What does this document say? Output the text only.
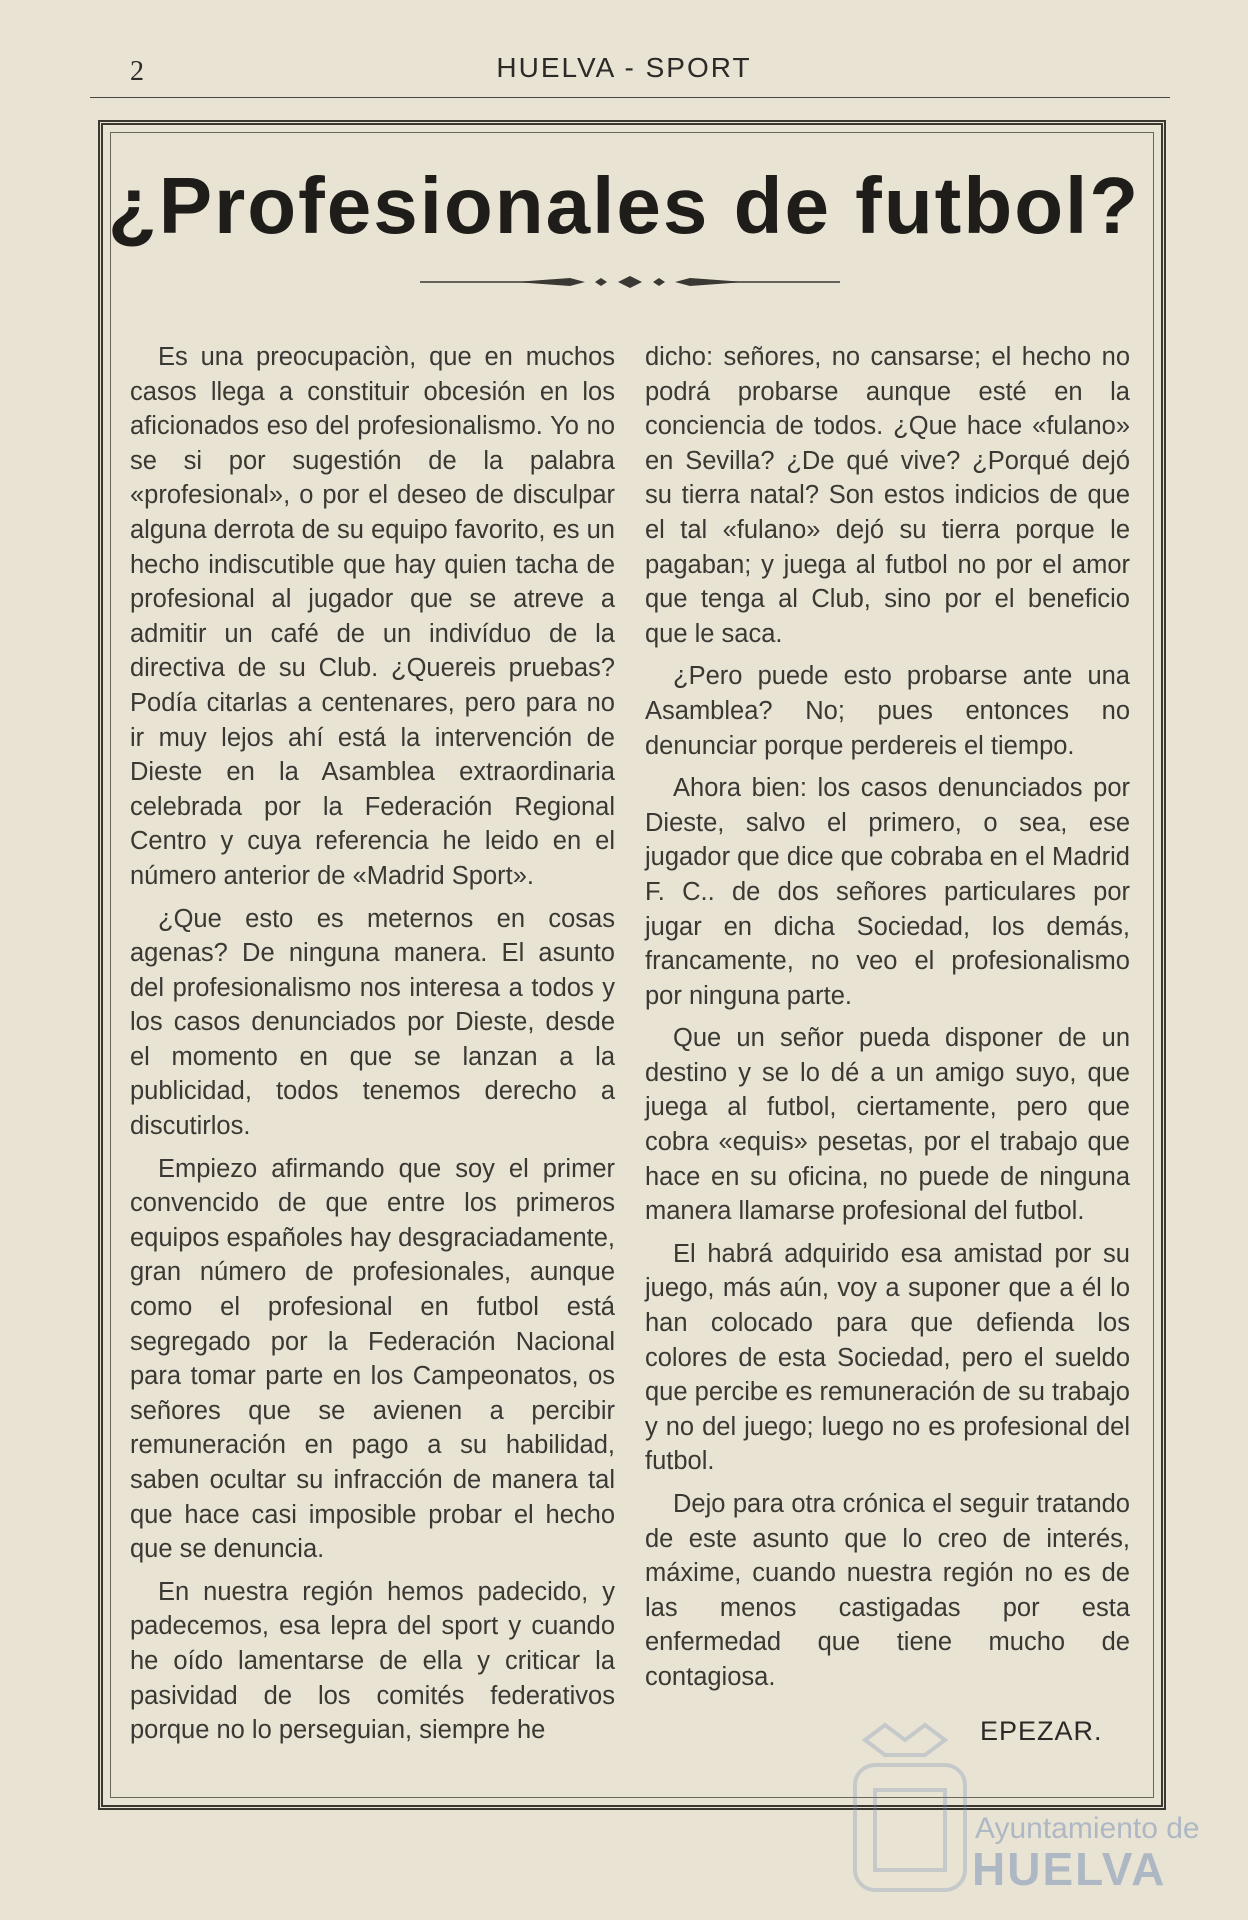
2	HUELVA - SPORT
¿Profesionales de futbol?

Es una preocupaciòn, que en muchos casos llega a constituir obcesión en los aficionados eso del profesionalismo. Yo no se si por sugestión de la palabra «profesional», o por el deseo de disculpar alguna derrota de su equipo favorito, es un hecho indiscutible que hay quien tacha de profesional al jugador que se atreve a admitir un café de un indivíduo de la directiva de su Club. ¿Quereis pruebas? Podía citarlas a centenares, pero para no ir muy lejos ahí está la intervención de Dieste en la Asamblea extraordinaria celebrada por la Federación Regional Centro y cuya referencia he leido en el número anterior de «Madrid Sport».

¿Que esto es meternos en cosas agenas? De ninguna manera. El asunto del profesionalismo nos interesa a todos y los casos denunciados por Dieste, desde el momento en que se lanzan a la publicidad, todos tenemos derecho a discutirlos.

Empiezo afirmando que soy el primer convencido de que entre los primeros equipos españoles hay desgraciadamente, gran número de profesionales, aunque como el profesional en futbol está segregado por la Federación Nacional para tomar parte en los Campeonatos, os señores que se avienen a percibir remuneración en pago a su habilidad, saben ocultar su infracción de manera tal que hace casi imposible probar el hecho que se denuncia.

En nuestra región hemos padecido, y padecemos, esa lepra del sport y cuando he oído lamentarse de ella y criticar la pasividad de los comités federativos porque no lo perseguian, siempre he

dicho: señores, no cansarse; el hecho no podrá probarse aunque esté en la conciencia de todos. ¿Que hace «fulano» en Sevilla? ¿De qué vive? ¿Porqué dejó su tierra natal? Son estos indicios de que el tal «fulano» dejó su tierra porque le pagaban; y juega al futbol no por el amor que tenga al Club, sino por el beneficio que le saca.

¿Pero puede esto probarse ante una Asamblea? No; pues entonces no denunciar porque perdereis el tiempo.

Ahora bien: los casos denunciados por Dieste, salvo el primero, o sea, ese jugador que dice que cobraba en el Madrid F. C.. de dos señores particulares por jugar en dicha Sociedad, los demás, francamente, no veo el profesionalismo por ninguna parte.

Que un señor pueda disponer de un destino y se lo dé a un amigo suyo, que juega al futbol, ciertamente, pero que cobra «equis» pesetas, por el trabajo que hace en su oficina, no puede de ninguna manera llamarse profesional del futbol.

El habrá adquirido esa amistad por su juego, más aún, voy a suponer que a él lo han colocado para que defienda los colores de esta Sociedad, pero el sueldo que percibe es remuneración de su trabajo y no del juego; luego no es profesional del futbol.

Dejo para otra crónica el seguir tratando de este asunto que lo creo de interés, máxime, cuando nuestra región no es de las menos castigadas por esta enfermedad que tiene mucho de contagiosa.

EPEZAR.
Ayuntamiento de
HUELVA
